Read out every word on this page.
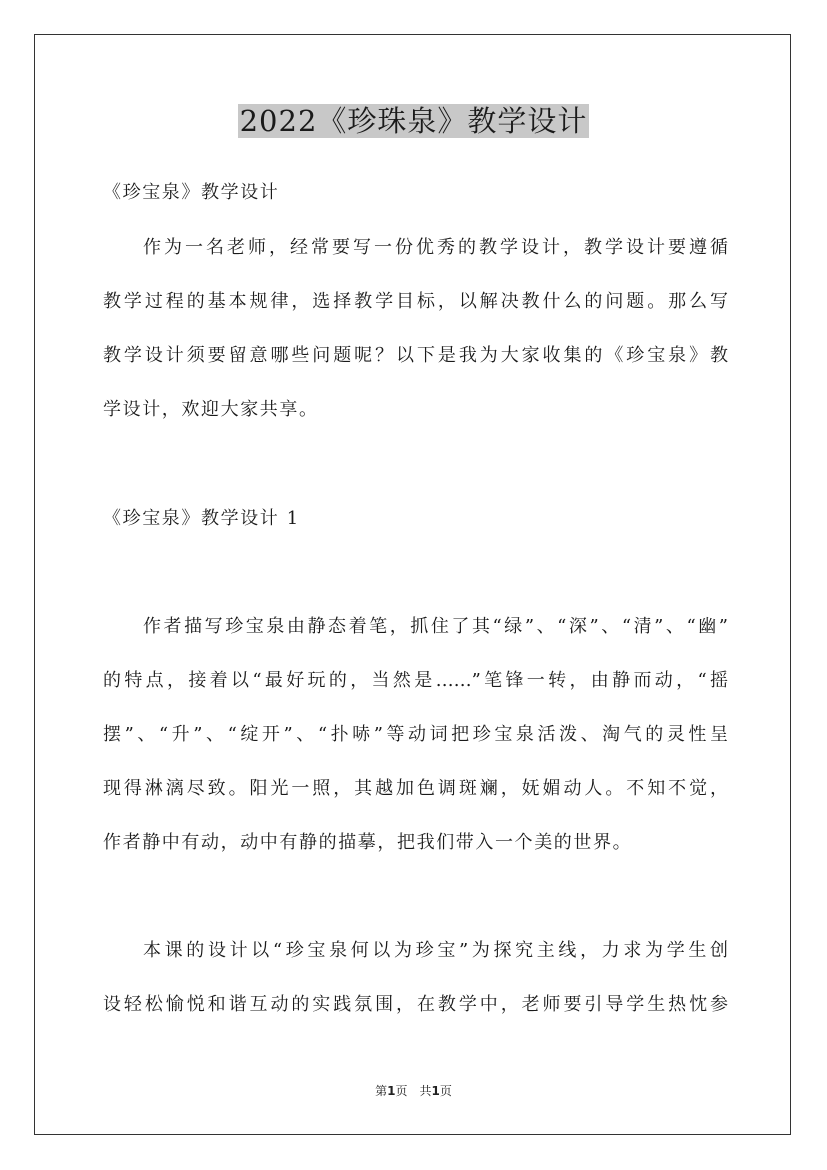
2022《珍珠泉》教学设计

《珍宝泉》教学设计

作为一名老师，经常要写一份优秀的教学设计，教学设计要遵循

教学过程的基本规律，选择教学目标，以解决教什么的问题。那么写

教学设计须要留意哪些问题呢？以下是我为大家收集的《珍宝泉》教

学设计，欢迎大家共享。

《珍宝泉》教学设计 1

作者描写珍宝泉由静态着笔，抓住了其“绿”、“深”、“清”、“幽”

的特点，接着以“最好玩的，当然是……”笔锋一转，由静而动，“摇

摆”、“升”、“绽开”、“扑哧”等动词把珍宝泉活泼、淘气的灵性呈

现得淋漓尽致。阳光一照，其越加色调斑斓，妩媚动人。不知不觉，

作者静中有动，动中有静的描摹，把我们带入一个美的世界。

本课的设计以“珍宝泉何以为珍宝”为探究主线，力求为学生创

设轻松愉悦和谐互动的实践氛围，在教学中，老师要引导学生热忱参

第1页　共1页
